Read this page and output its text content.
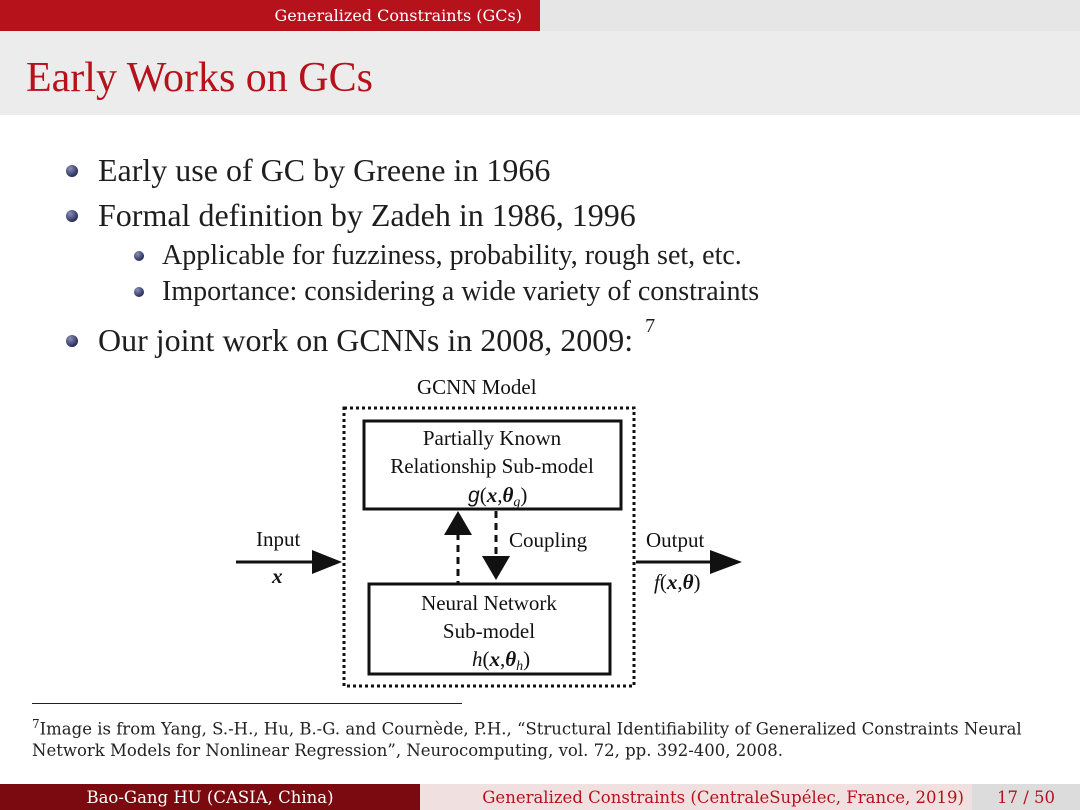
Generalized Constraints (GCs)
Early Works on GCs
Early use of GC by Greene in 1966
Formal definition by Zadeh in 1986, 1996
Applicable for fuzziness, probability, rough set, etc.
Importance: considering a wide variety of constraints
Our joint work on GCNNs in 2008, 2009: 7
GCNN Model
Partially Known
Relationship Sub-model
g(x,θg)
Coupling
Neural Network
Sub-model
h(x,θh)
Input
x
Output
f(x,θ)
$^7$Image is from Yang, S.-H., Hu, B.-G. and Cournède, P.H., “Structural Identifiability of Generalized Constraints Neural Network Models for Nonlinear Regression”, Neurocomputing, vol. 72, pp. 392-400, 2008.
Bao-Gang HU (CASIA, China)	Generalized Constraints (CentraleSupélec, France, 2019)	17 / 50
